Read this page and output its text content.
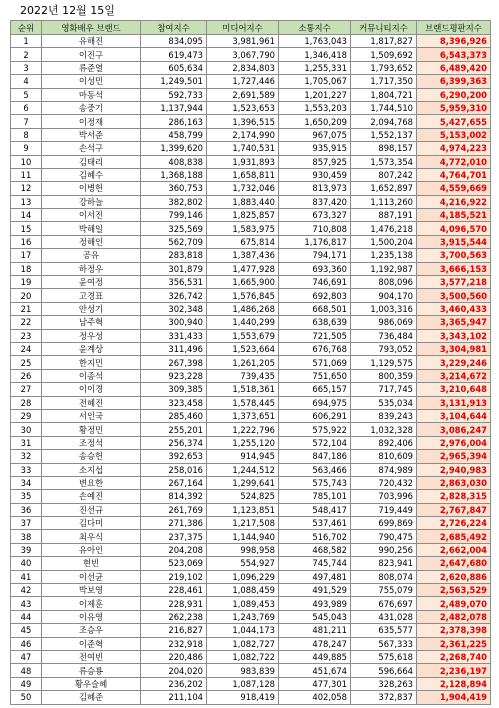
2022년 12월 15일
순위	영화배우 브랜드	참여지수	미디어지수	소통지수	커뮤니티지수	브랜드평판지수
1	유해진	834,095	3,981,961	1,763,043	1,817,827	8,396,926
2	이진구	619,473	3,067,790	1,346,418	1,509,692	6,543,373
3	류준열	605,634	2,834,803	1,255,331	1,793,652	6,489,420
4	이성민	1,249,501	1,727,446	1,705,067	1,717,350	6,399,363
5	마동석	592,733	2,691,589	1,201,227	1,804,721	6,290,200
6	송중기	1,137,944	1,523,653	1,553,203	1,744,510	5,959,310
7	이정재	286,163	1,396,515	1,650,209	2,094,768	5,427,655
8	박서준	458,799	2,174,990	967,075	1,552,137	5,153,002
9	손석구	1,399,620	1,740,531	935,915	898,157	4,974,223
10	김태리	408,838	1,931,893	857,925	1,573,354	4,772,010
11	김혜수	1,368,188	1,658,811	930,459	807,242	4,764,701
12	이병헌	360,753	1,732,046	813,973	1,652,897	4,559,669
13	강하늘	382,802	1,883,440	837,420	1,113,260	4,216,922
14	이서진	799,146	1,825,857	673,327	887,191	4,185,521
15	박해일	325,569	1,583,975	710,808	1,476,218	4,096,570
16	정해인	562,709	675,814	1,176,817	1,500,204	3,915,544
17	공유	283,818	1,387,436	794,171	1,235,138	3,700,563
18	하정우	301,879	1,477,928	693,360	1,192,987	3,666,153
19	윤여정	356,531	1,665,900	746,691	808,096	3,577,218
20	고경표	326,742	1,576,845	692,803	904,170	3,500,560
21	안성기	302,348	1,486,268	668,501	1,003,316	3,460,433
22	남주혁	300,940	1,440,299	638,639	986,069	3,365,947
23	정우성	331,433	1,553,679	721,505	736,484	3,343,102
24	윤계상	311,496	1,523,664	676,768	793,052	3,304,981
25	한지민	267,398	1,261,205	571,069	1,129,575	3,229,246
26	이종석	923,228	739,435	751,650	800,359	3,214,672
27	이이경	309,385	1,518,361	665,157	717,745	3,210,648
28	전혜진	323,458	1,578,445	694,975	535,034	3,131,913
29	서인국	285,460	1,373,651	606,291	839,243	3,104,644
30	황정민	255,201	1,222,796	575,922	1,032,328	3,086,247
31	조정석	256,374	1,255,120	572,104	892,406	2,976,004
32	송승헌	392,653	914,945	847,186	810,609	2,965,394
33	소지섭	258,016	1,244,512	563,466	874,989	2,940,983
34	변요한	267,164	1,299,641	575,743	720,432	2,863,030
35	손예진	814,392	524,825	785,101	703,996	2,828,315
36	진선규	261,769	1,123,851	548,417	719,449	2,767,847
37	김다미	271,386	1,217,508	537,461	699,869	2,726,224
38	최우식	237,375	1,144,940	516,702	790,475	2,685,492
39	유아인	204,208	998,958	468,582	990,256	2,662,004
40	현빈	523,069	554,927	745,744	823,941	2,647,680
41	이선균	219,102	1,096,229	497,481	808,074	2,620,886
42	박보영	228,461	1,088,459	491,529	755,079	2,563,529
43	이제훈	228,931	1,089,453	493,989	676,697	2,489,070
44	이유영	262,238	1,243,769	545,043	431,028	2,482,078
45	조승우	216,827	1,044,173	481,211	635,577	2,378,398
46	이준혁	232,918	1,082,727	478,247	567,333	2,361,225
47	전여빈	220,486	1,082,722	449,885	575,618	2,268,740
48	류승룡	204,020	983,839	451,674	596,664	2,236,197
49	황우슬혜	236,202	1,087,128	477,301	328,263	2,128,894
50	김혜준	211,104	918,419	402,058	372,837	1,904,419
